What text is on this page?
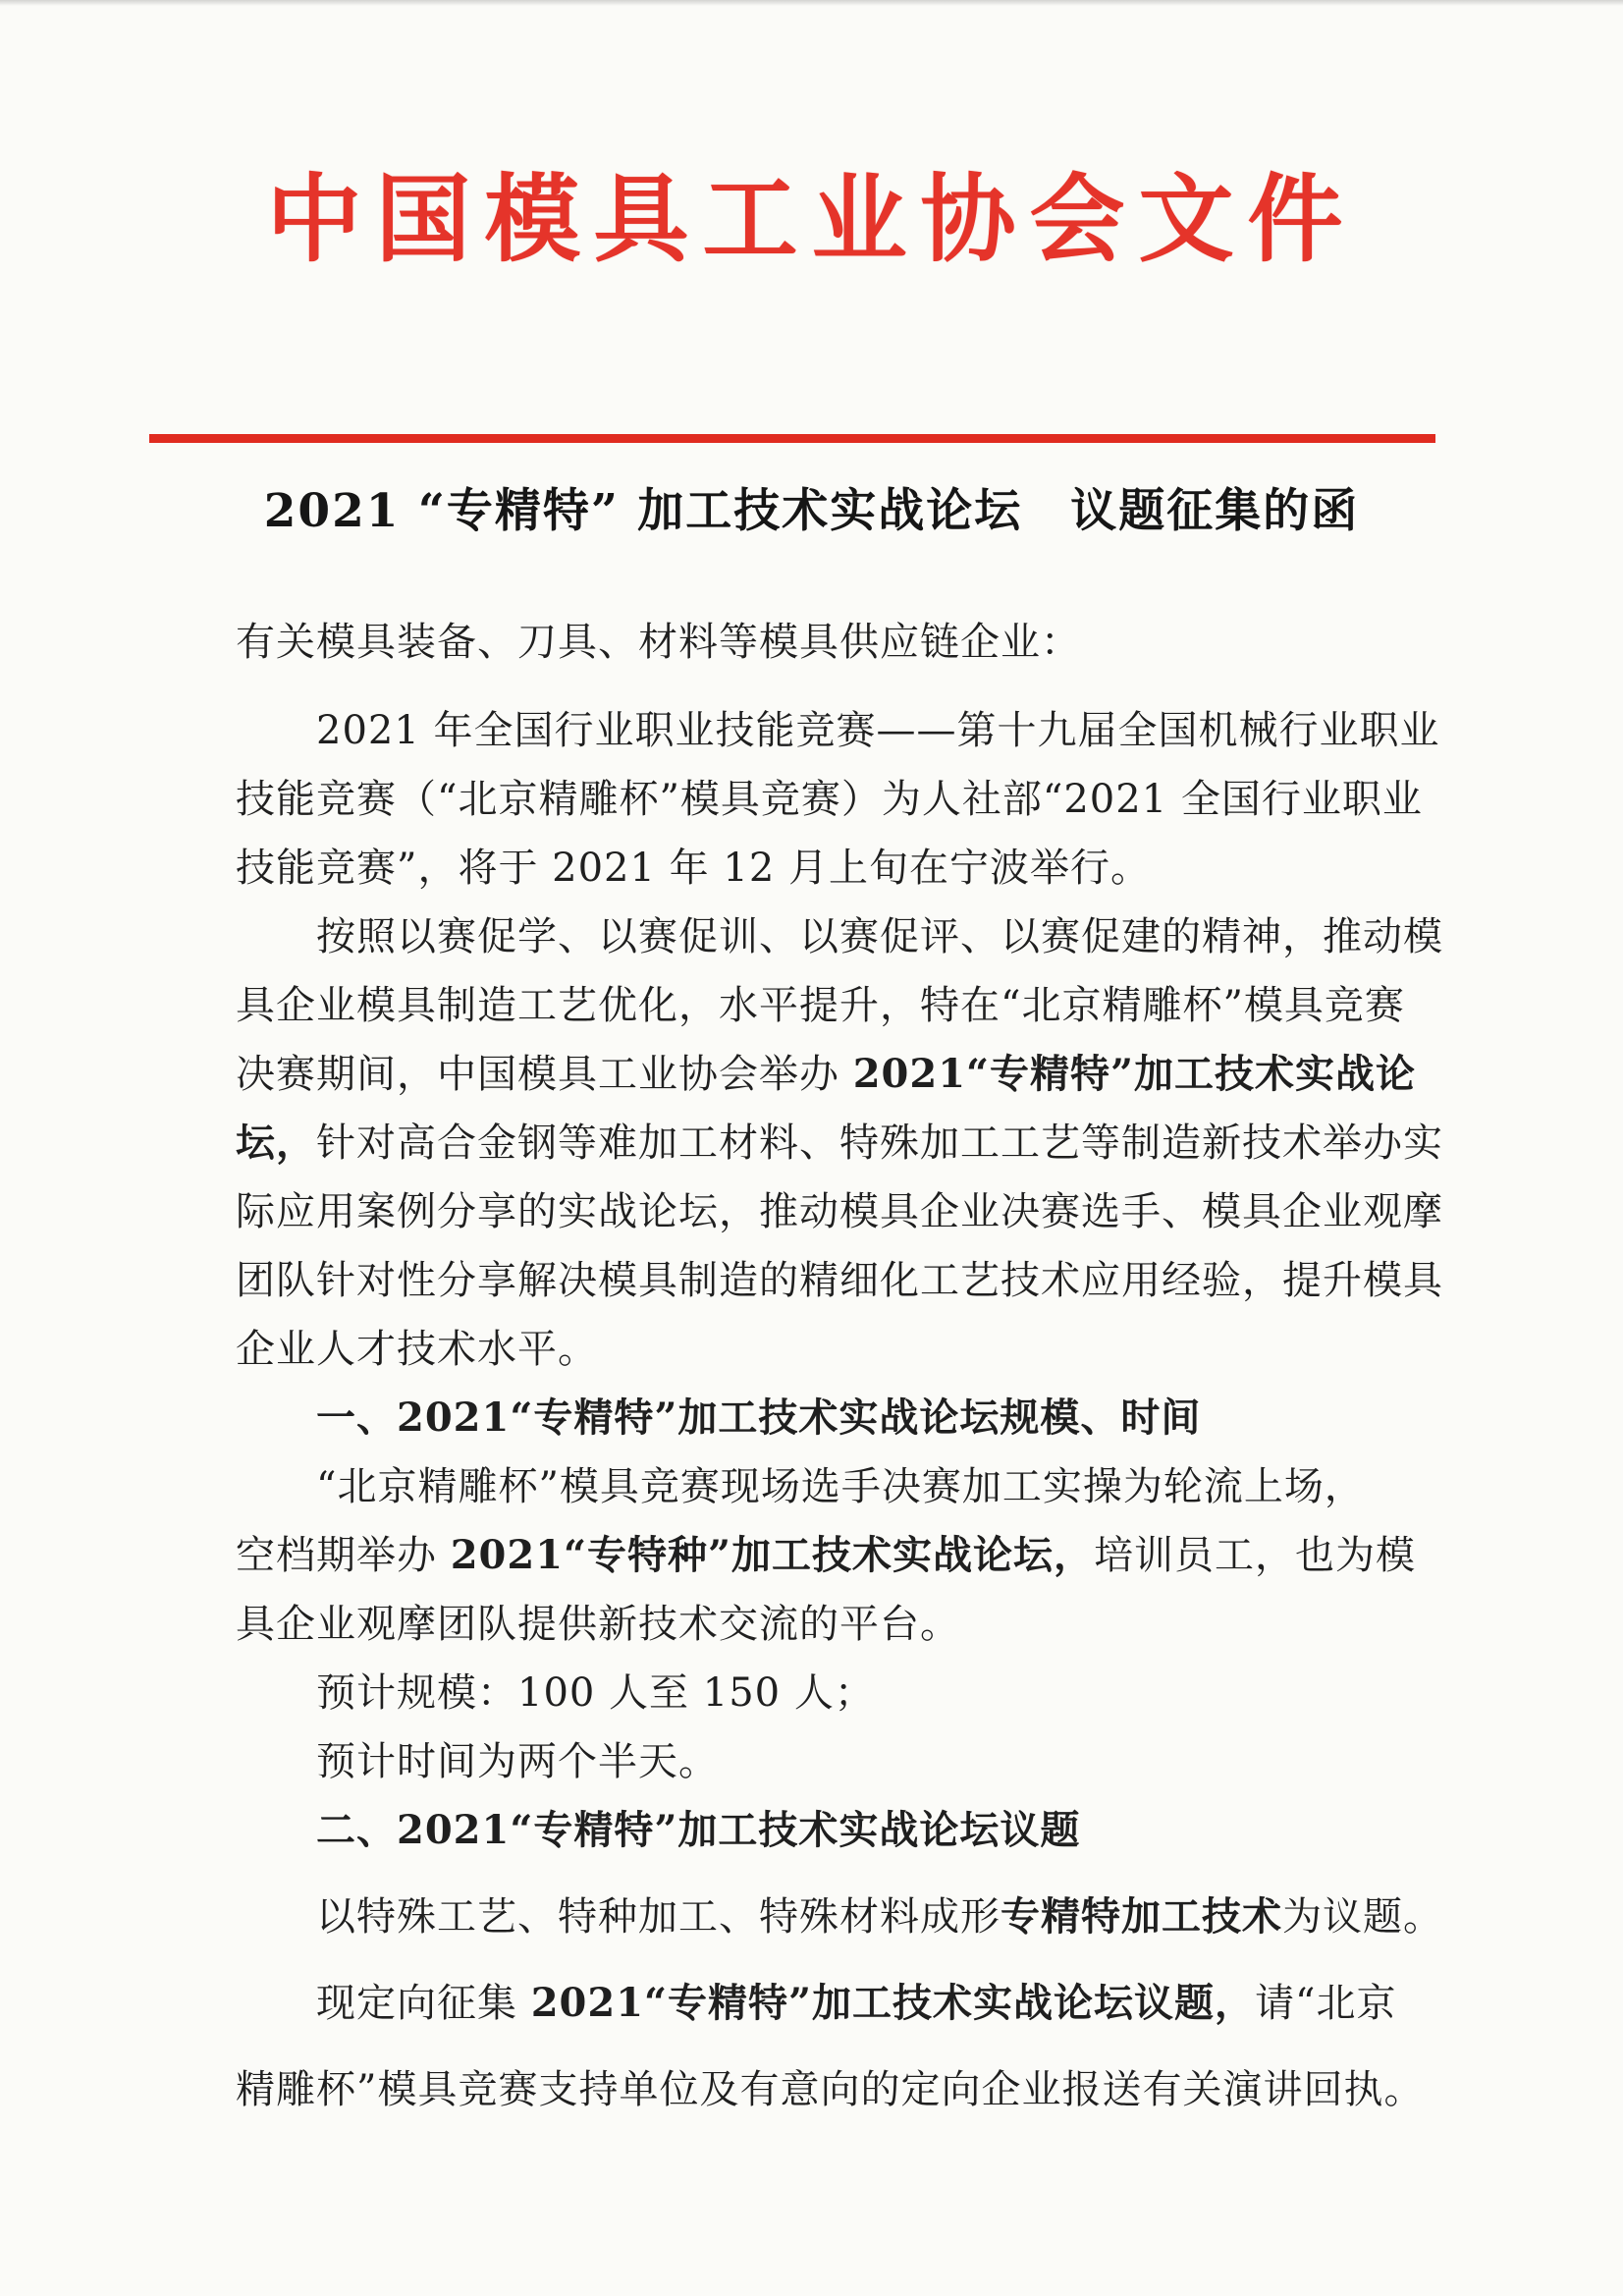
中国模具工业协会文件
2021 “专精特” 加工技术实战论坛　议题征集的函
有关模具装备、刀具、材料等模具供应链企业：
2021 年全国行业职业技能竞赛——第十九届全国机械行业职业
技能竞赛（“北京精雕杯”模具竞赛）为人社部“2021 全国行业职业
技能竞赛”，将于 2021 年 12 月上旬在宁波举行。
按照以赛促学、以赛促训、以赛促评、以赛促建的精神，推动模
具企业模具制造工艺优化，水平提升，特在“北京精雕杯”模具竞赛
决赛期间，中国模具工业协会举办 2021“专精特”加工技术实战论
坛，针对高合金钢等难加工材料、特殊加工工艺等制造新技术举办实
际应用案例分享的实战论坛，推动模具企业决赛选手、模具企业观摩
团队针对性分享解决模具制造的精细化工艺技术应用经验，提升模具
企业人才技术水平。
一、2021“专精特”加工技术实战论坛规模、时间
“北京精雕杯”模具竞赛现场选手决赛加工实操为轮流上场，
空档期举办 2021“专特种”加工技术实战论坛，培训员工，也为模
具企业观摩团队提供新技术交流的平台。
预计规模：100 人至 150 人；
预计时间为两个半天。
二、2021“专精特”加工技术实战论坛议题
以特殊工艺、特种加工、特殊材料成形专精特加工技术为议题。
现定向征集 2021“专精特”加工技术实战论坛议题，请“北京
精雕杯”模具竞赛支持单位及有意向的定向企业报送有关演讲回执。
